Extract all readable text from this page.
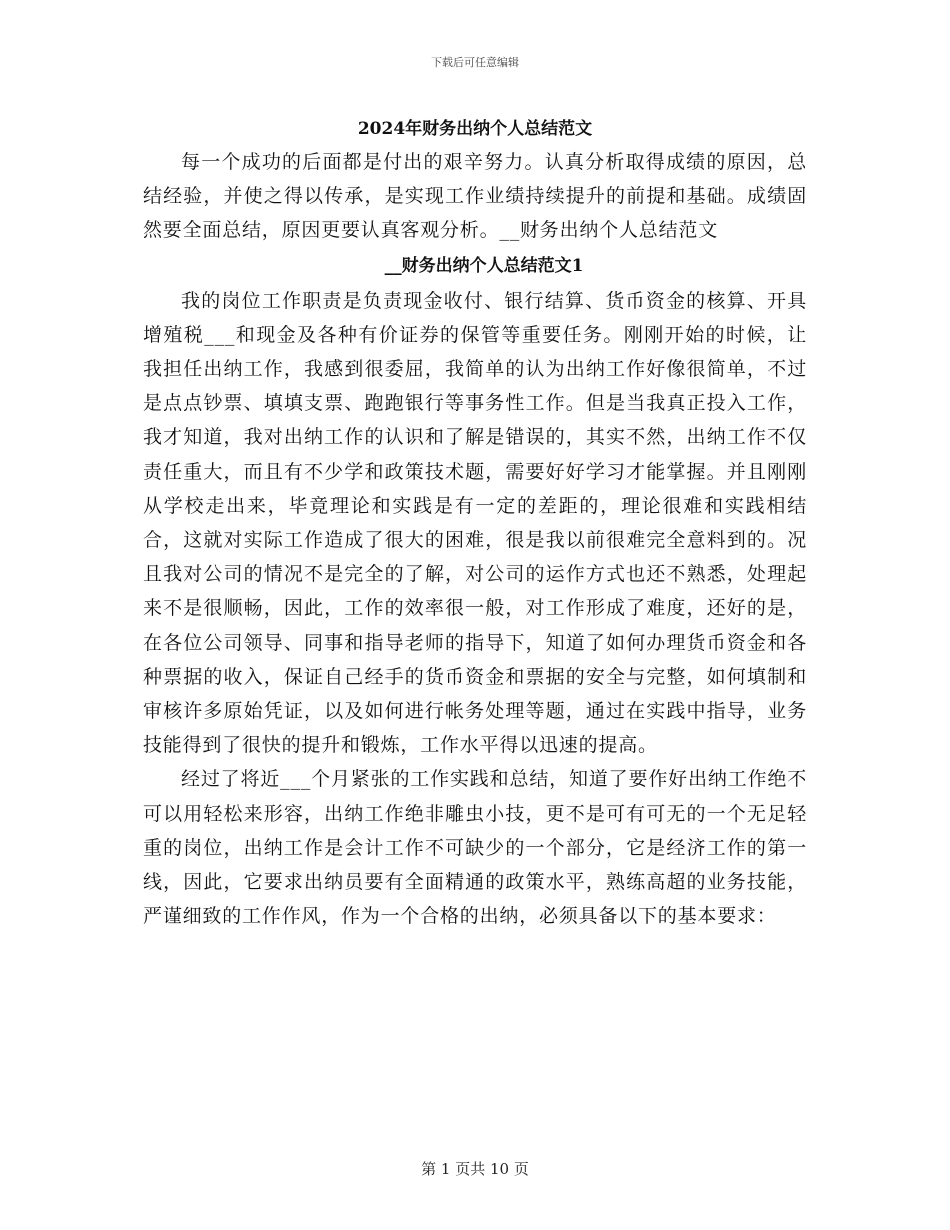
下载后可任意编辑
2024年财务出纳个人总结范文

每一个成功的后面都是付出的艰辛努力。认真分析取得成绩的原因，总结经验，并使之得以传承，是实现工作业绩持续提升的前提和基础。成绩固然要全面总结，原因更要认真客观分析。__财务出纳个人总结范文

__财务出纳个人总结范文1

我的岗位工作职责是负责现金收付、银行结算、货币资金的核算、开具增殖税___和现金及各种有价证券的保管等重要任务。刚刚开始的时候，让我担任出纳工作，我感到很委屈，我简单的认为出纳工作好像很简单，不过是点点钞票、填填支票、跑跑银行等事务性工作。但是当我真正投入工作，我才知道，我对出纳工作的认识和了解是错误的，其实不然，出纳工作不仅责任重大，而且有不少学和政策技术题，需要好好学习才能掌握。并且刚刚从学校走出来，毕竟理论和实践是有一定的差距的，理论很难和实践相结合，这就对实际工作造成了很大的困难，很是我以前很难完全意料到的。况且我对公司的情况不是完全的了解，对公司的运作方式也还不熟悉，处理起来不是很顺畅，因此，工作的效率很一般，对工作形成了难度，还好的是，在各位公司领导、同事和指导老师的指导下，知道了如何办理货币资金和各种票据的收入，保证自己经手的货币资金和票据的安全与完整，如何填制和审核许多原始凭证，以及如何进行帐务处理等题，通过在实践中指导，业务技能得到了很快的提升和锻炼，工作水平得以迅速的提高。

经过了将近___个月紧张的工作实践和总结，知道了要作好出纳工作绝不可以用轻松来形容，出纳工作绝非雕虫小技，更不是可有可无的一个无足轻重的岗位，出纳工作是会计工作不可缺少的一个部分，它是经济工作的第一线，因此，它要求出纳员要有全面精通的政策水平，熟练高超的业务技能，严谨细致的工作作风，作为一个合格的出纳，必须具备以下的基本要求：

第 1 页共 10 页
